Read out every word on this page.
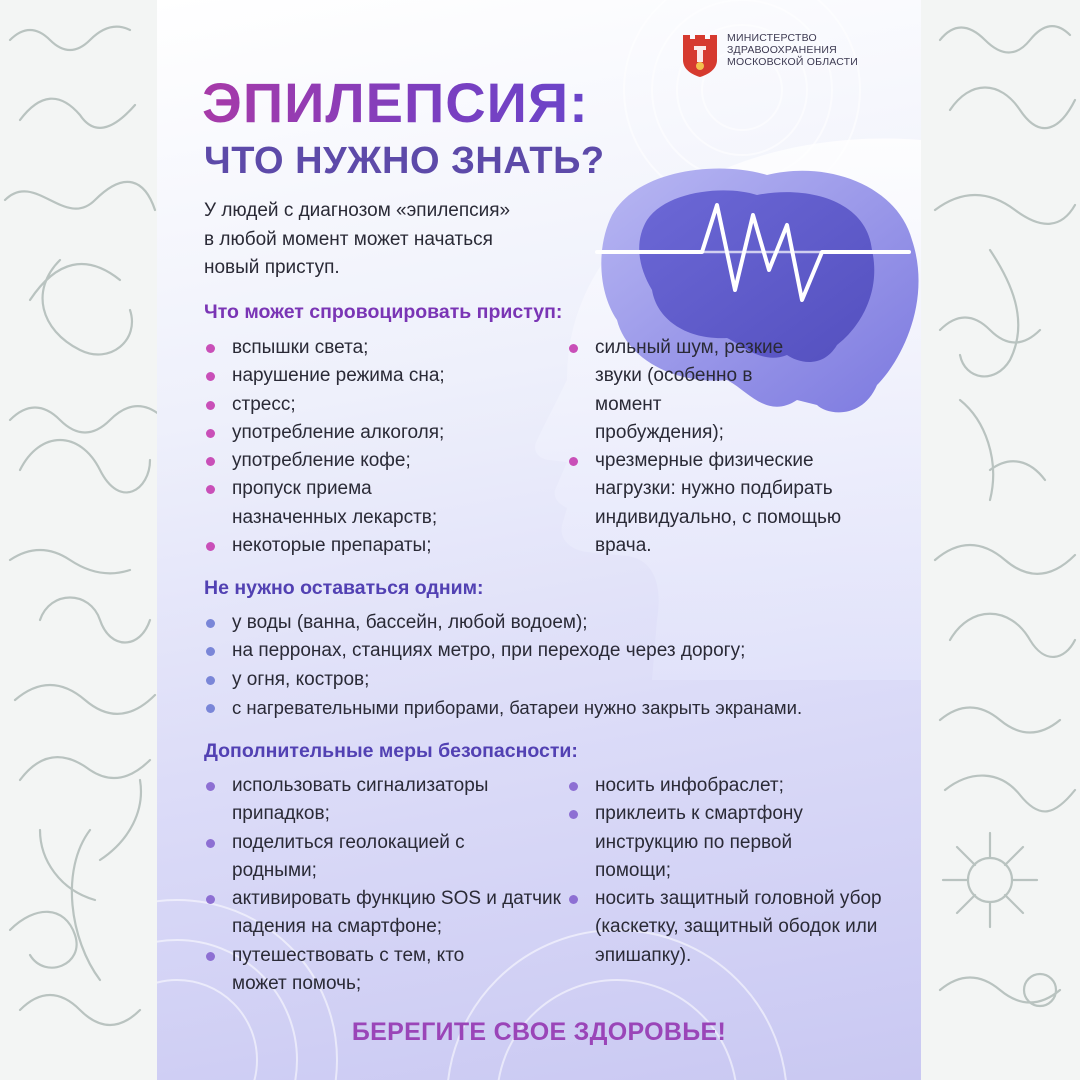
МИНИСТЕРСТВО
ЗДРАВООХРАНЕНИЯ
МОСКОВСКОЙ ОБЛАСТИ
ЭПИЛЕПСИЯ:
ЧТО НУЖНО ЗНАТЬ?
У людей с диагнозом «эпилепсия»
в любой момент может начаться
новый приступ.
Что может спровоцировать приступ:
вспышки света;
нарушение режима сна;
стресс;
употребление алкоголя;
употребление кофе;
пропуск приема назначенных лекарств;
некоторые препараты;
сильный шум, резкие звуки (особенно в момент пробуждения);
чрезмерные физические нагрузки: нужно подбирать индивидуально, с помощью врача.
Не нужно оставаться одним:
у воды (ванна, бассейн, любой водоем);
на перронах, станциях метро, при переходе через дорогу;
у огня, костров;
с нагревательными приборами, батареи нужно закрыть экранами.
Дополнительные меры безопасности:
использовать сигнализаторы припадков;
поделиться геолокацией с родными;
активировать функцию SOS и датчик падения на смартфоне;
путешествовать с тем, кто может помочь;
носить инфобраслет;
приклеить к смартфону инструкцию по первой помощи;
носить защитный головной убор (каскетку, защитный ободок или эпишапку).
БЕРЕГИТЕ СВОЕ ЗДОРОВЬЕ!
